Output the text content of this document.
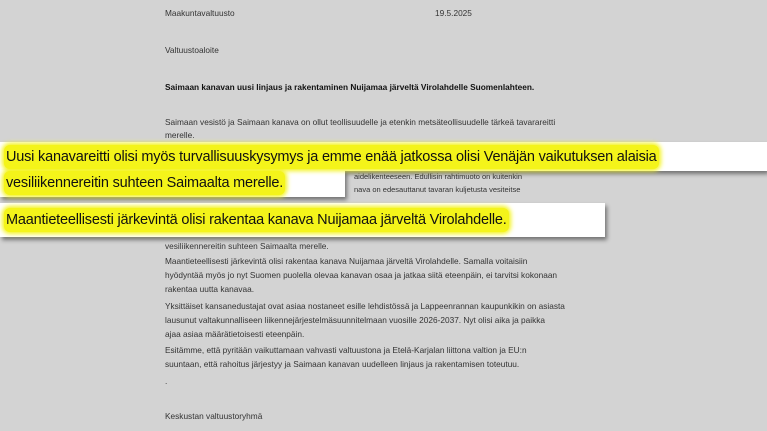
Maakuntavaltuusto	19.5.2025
Valtuustoaloite
Saimaan kanavan uusi linjaus ja rakentaminen Nuijamaa järveltä Virolahdelle Suomenlahteen.
Saimaan vesistö ja Saimaan kanava on ollut teollisuudelle ja etenkin metsäteollisuudelle tärkeä tavarareitti
merelle.
aidelikenteeseen. Edullisin rahtimuoto on kuitenkin
nava on edesauttanut tavaran kuljetusta vesiteitse
vesiliikennereitin suhteen Saimaalta merelle.
Maantieteellisesti järkevintä olisi rakentaa kanava Nuijamaa järveltä Virolahdelle. Samalla voitaisiin
hyödyntää myös jo nyt Suomen puolella olevaa kanavan osaa ja jatkaa siitä eteenpäin, ei tarvitsi kokonaan
rakentaa uutta kanavaa.
Yksittäiset kansanedustajat ovat asiaa nostaneet esille lehdistössä ja Lappeenrannan kaupunkikin on asiasta
lausunut valtakunnalliseen liikennejärjestelmäsuunnitelmaan vuosille 2026-2037. Nyt olisi aika ja paikka
ajaa asiaa määrätietoisesti eteenpäin.
Esitämme, että pyritään vaikuttamaan vahvasti valtuustona ja Etelä-Karjalan liittona valtion ja EU:n
suuntaan, että rahoitus järjestyy ja Saimaan kanavan uudelleen linjaus ja rakentamisen toteutuu.
.
Keskustan valtuustoryhmä
Uusi kanavareitti olisi myös turvallisuuskysymys ja emme enää jatkossa olisi Venäjän vaikutuksen alaisia
vesiliikennereitin suhteen Saimaalta merelle.
Maantieteellisesti järkevintä olisi rakentaa kanava Nuijamaa järveltä Virolahdelle.
